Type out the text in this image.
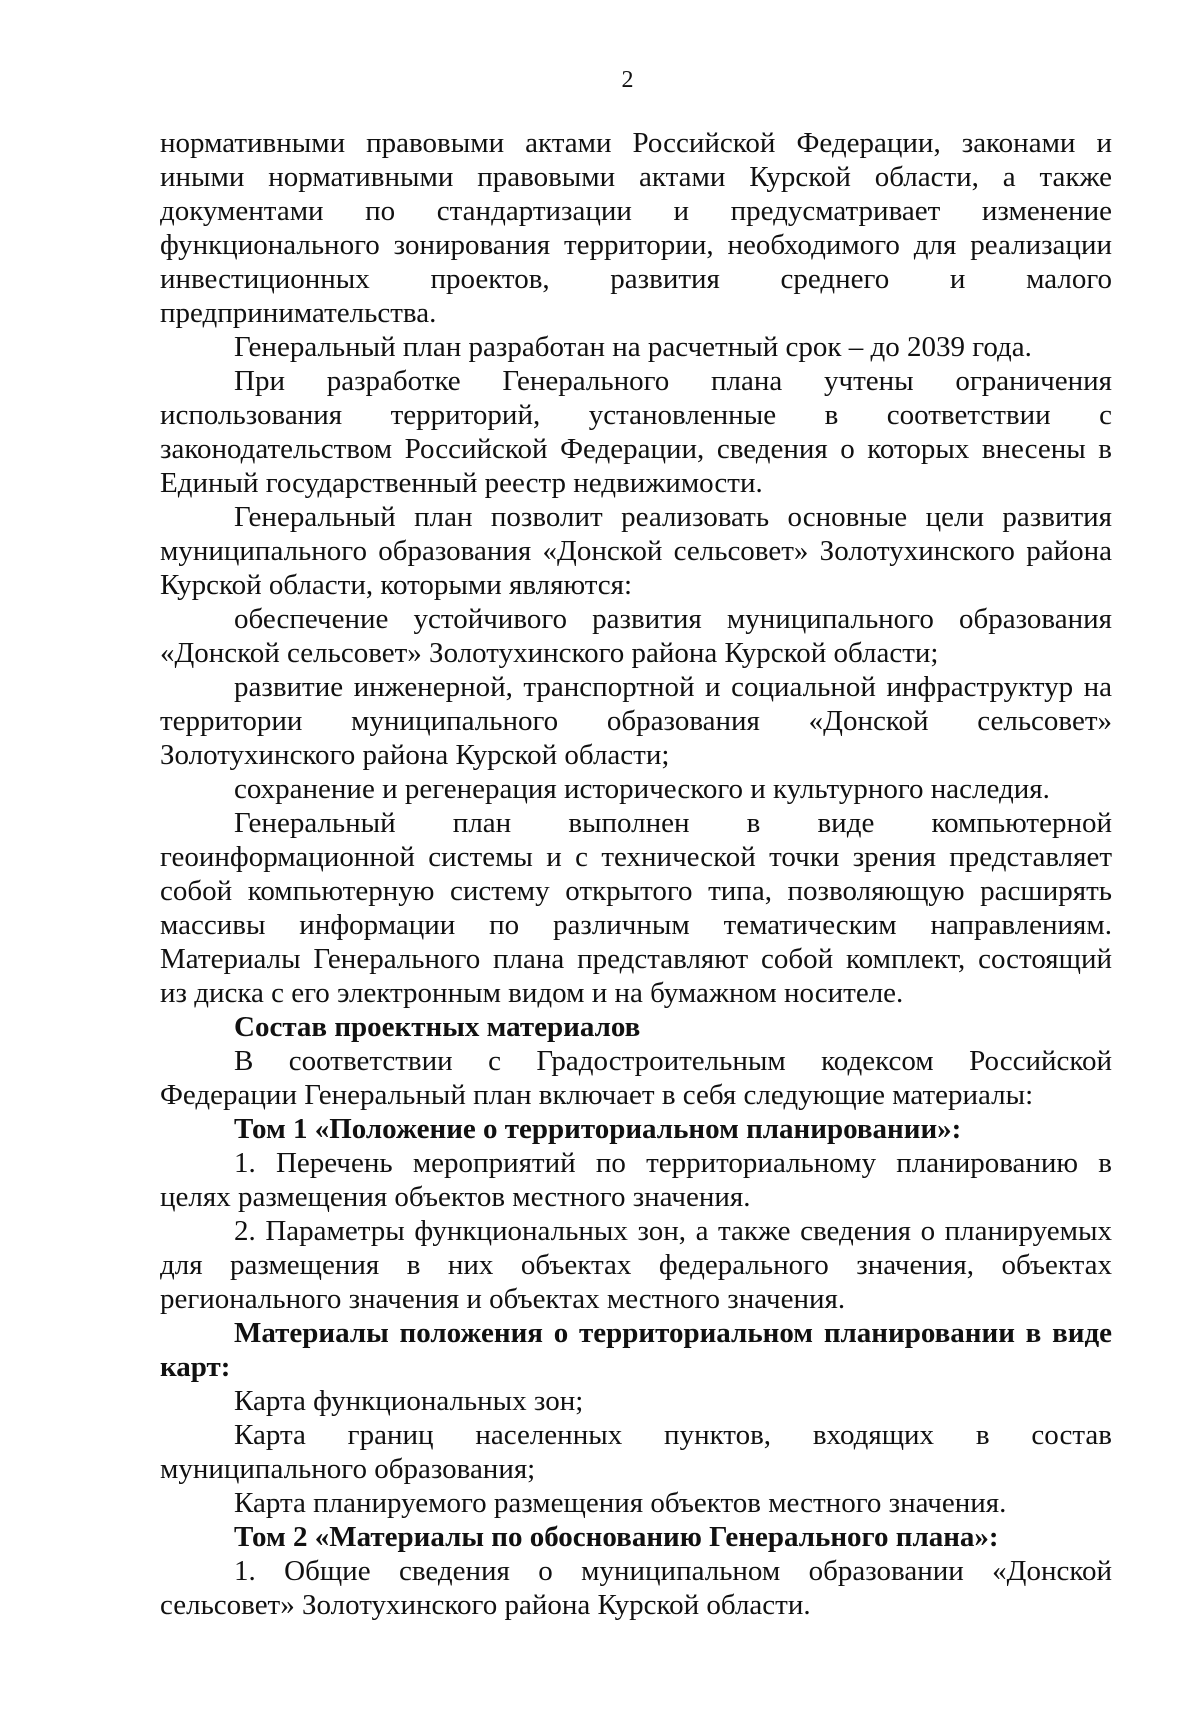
2

нормативными правовыми актами Российской Федерации, законами и иными нормативными правовыми актами Курской области, а также документами по стандартизации и предусматривает изменение функционального зонирования территории, необходимого для реализации инвестиционных проектов, развития среднего и малого предпринимательства.

Генеральный план разработан на расчетный срок – до 2039 года.

При разработке Генерального плана учтены ограничения использования территорий, установленные в соответствии с законодательством Российской Федерации, сведения о которых внесены в Единый государственный реестр недвижимости.

Генеральный план позволит реализовать основные цели развития муниципального образования «Донской сельсовет» Золотухинского района Курской области, которыми являются:

обеспечение устойчивого развития муниципального образования «Донской сельсовет» Золотухинского района Курской области;

развитие инженерной, транспортной и социальной инфраструктур на территории муниципального образования «Донской сельсовет» Золотухинского района Курской области;

сохранение и регенерация исторического и культурного наследия.

Генеральный план выполнен в виде компьютерной геоинформационной системы и с технической точки зрения представляет собой компьютерную систему открытого типа, позволяющую расширять массивы информации по различным тематическим направлениям. Материалы Генерального плана представляют собой комплект, состоящий из диска с его электронным видом и на бумажном носителе.

Состав проектных материалов

В соответствии с Градостроительным кодексом Российской Федерации Генеральный план включает в себя следующие материалы:

Том 1 «Положение о территориальном планировании»:

1. Перечень мероприятий по территориальному планированию в целях размещения объектов местного значения.

2. Параметры функциональных зон, а также сведения о планируемых для размещения в них объектах федерального значения, объектах регионального значения и объектах местного значения.

Материалы положения о территориальном планировании в виде карт:

Карта функциональных зон;

Карта границ населенных пунктов, входящих в состав муниципального образования;

Карта планируемого размещения объектов местного значения.

Том 2 «Материалы по обоснованию Генерального плана»:

1. Общие сведения о муниципальном образовании «Донской сельсовет» Золотухинского района Курской области.
